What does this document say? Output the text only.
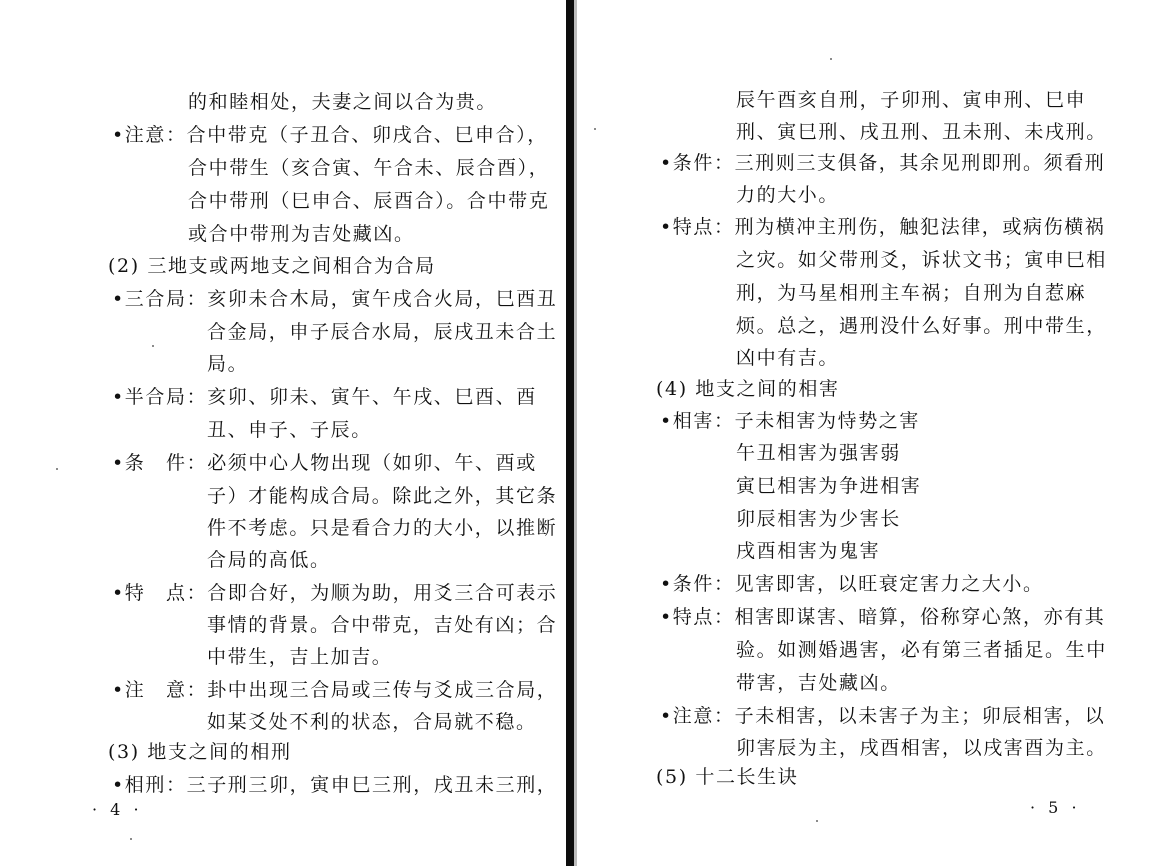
的和睦相处，夫妻之间以合为贵。
•注意：合中带克（子丑合、卯戌合、巳申合），
合中带生（亥合寅、午合未、辰合酉），
合中带刑（巳申合、辰酉合）。合中带克
或合中带刑为吉处藏凶。
(2) 三地支或两地支之间相合为合局
•三合局：亥卯未合木局，寅午戌合火局，巳酉丑
合金局，申子辰合水局，辰戌丑未合土
局。
•半合局：亥卯、卯未、寅午、午戌、巳酉、酉
丑、申子、子辰。
•条　件：必须中心人物出现（如卯、午、酉或
子）才能构成合局。除此之外，其它条
件不考虑。只是看合力的大小，以推断
合局的高低。
•特　点：合即合好，为顺为助，用爻三合可表示
事情的背景。合中带克，吉处有凶；合
中带生，吉上加吉。
•注　意：卦中出现三合局或三传与爻成三合局，
如某爻处不利的状态，合局就不稳。
(3) 地支之间的相刑
•相刑：三子刑三卯，寅申巳三刑，戌丑未三刑，
· 4 ·
辰午酉亥自刑，子卯刑、寅申刑、巳申
刑、寅巳刑、戌丑刑、丑未刑、未戌刑。
•条件：三刑则三支俱备，其余见刑即刑。须看刑
力的大小。
•特点：刑为横冲主刑伤，触犯法律，或病伤横祸
之灾。如父带刑爻，诉状文书；寅申巳相
刑，为马星相刑主车祸；自刑为自惹麻
烦。总之，遇刑没什么好事。刑中带生，
凶中有吉。
(4) 地支之间的相害
•相害：子未相害为恃势之害
午丑相害为强害弱
寅巳相害为争进相害
卯辰相害为少害长
戌酉相害为鬼害
•条件：见害即害，以旺衰定害力之大小。
•特点：相害即谋害、暗算，俗称穿心煞，亦有其
验。如测婚遇害，必有第三者插足。生中
带害，吉处藏凶。
•注意：子未相害，以未害子为主；卯辰相害，以
卯害辰为主，戌酉相害，以戌害酉为主。
(5) 十二长生诀
· 5 ·
